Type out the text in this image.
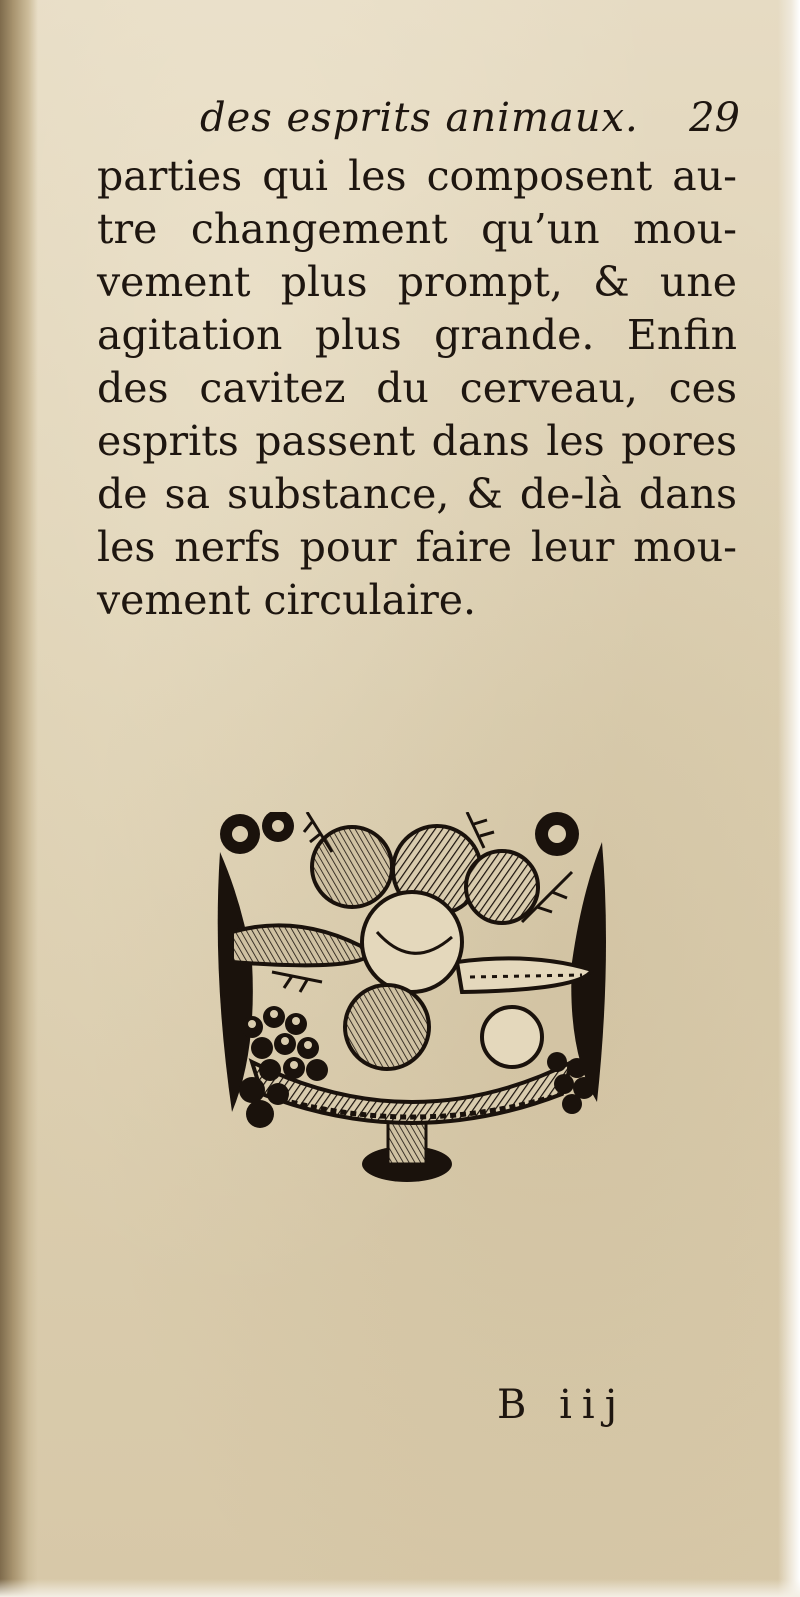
des esprits animaux. 29
parties qui les composent au-
tre changement qu’un mou-
vement plus prompt, & une
agitation plus grande. Enfin
des cavitez du cerveau, ces
esprits passent dans les pores
de sa substance, & de-là dans
les nerfs pour faire leur mou-
vement circulaire.
B iij
